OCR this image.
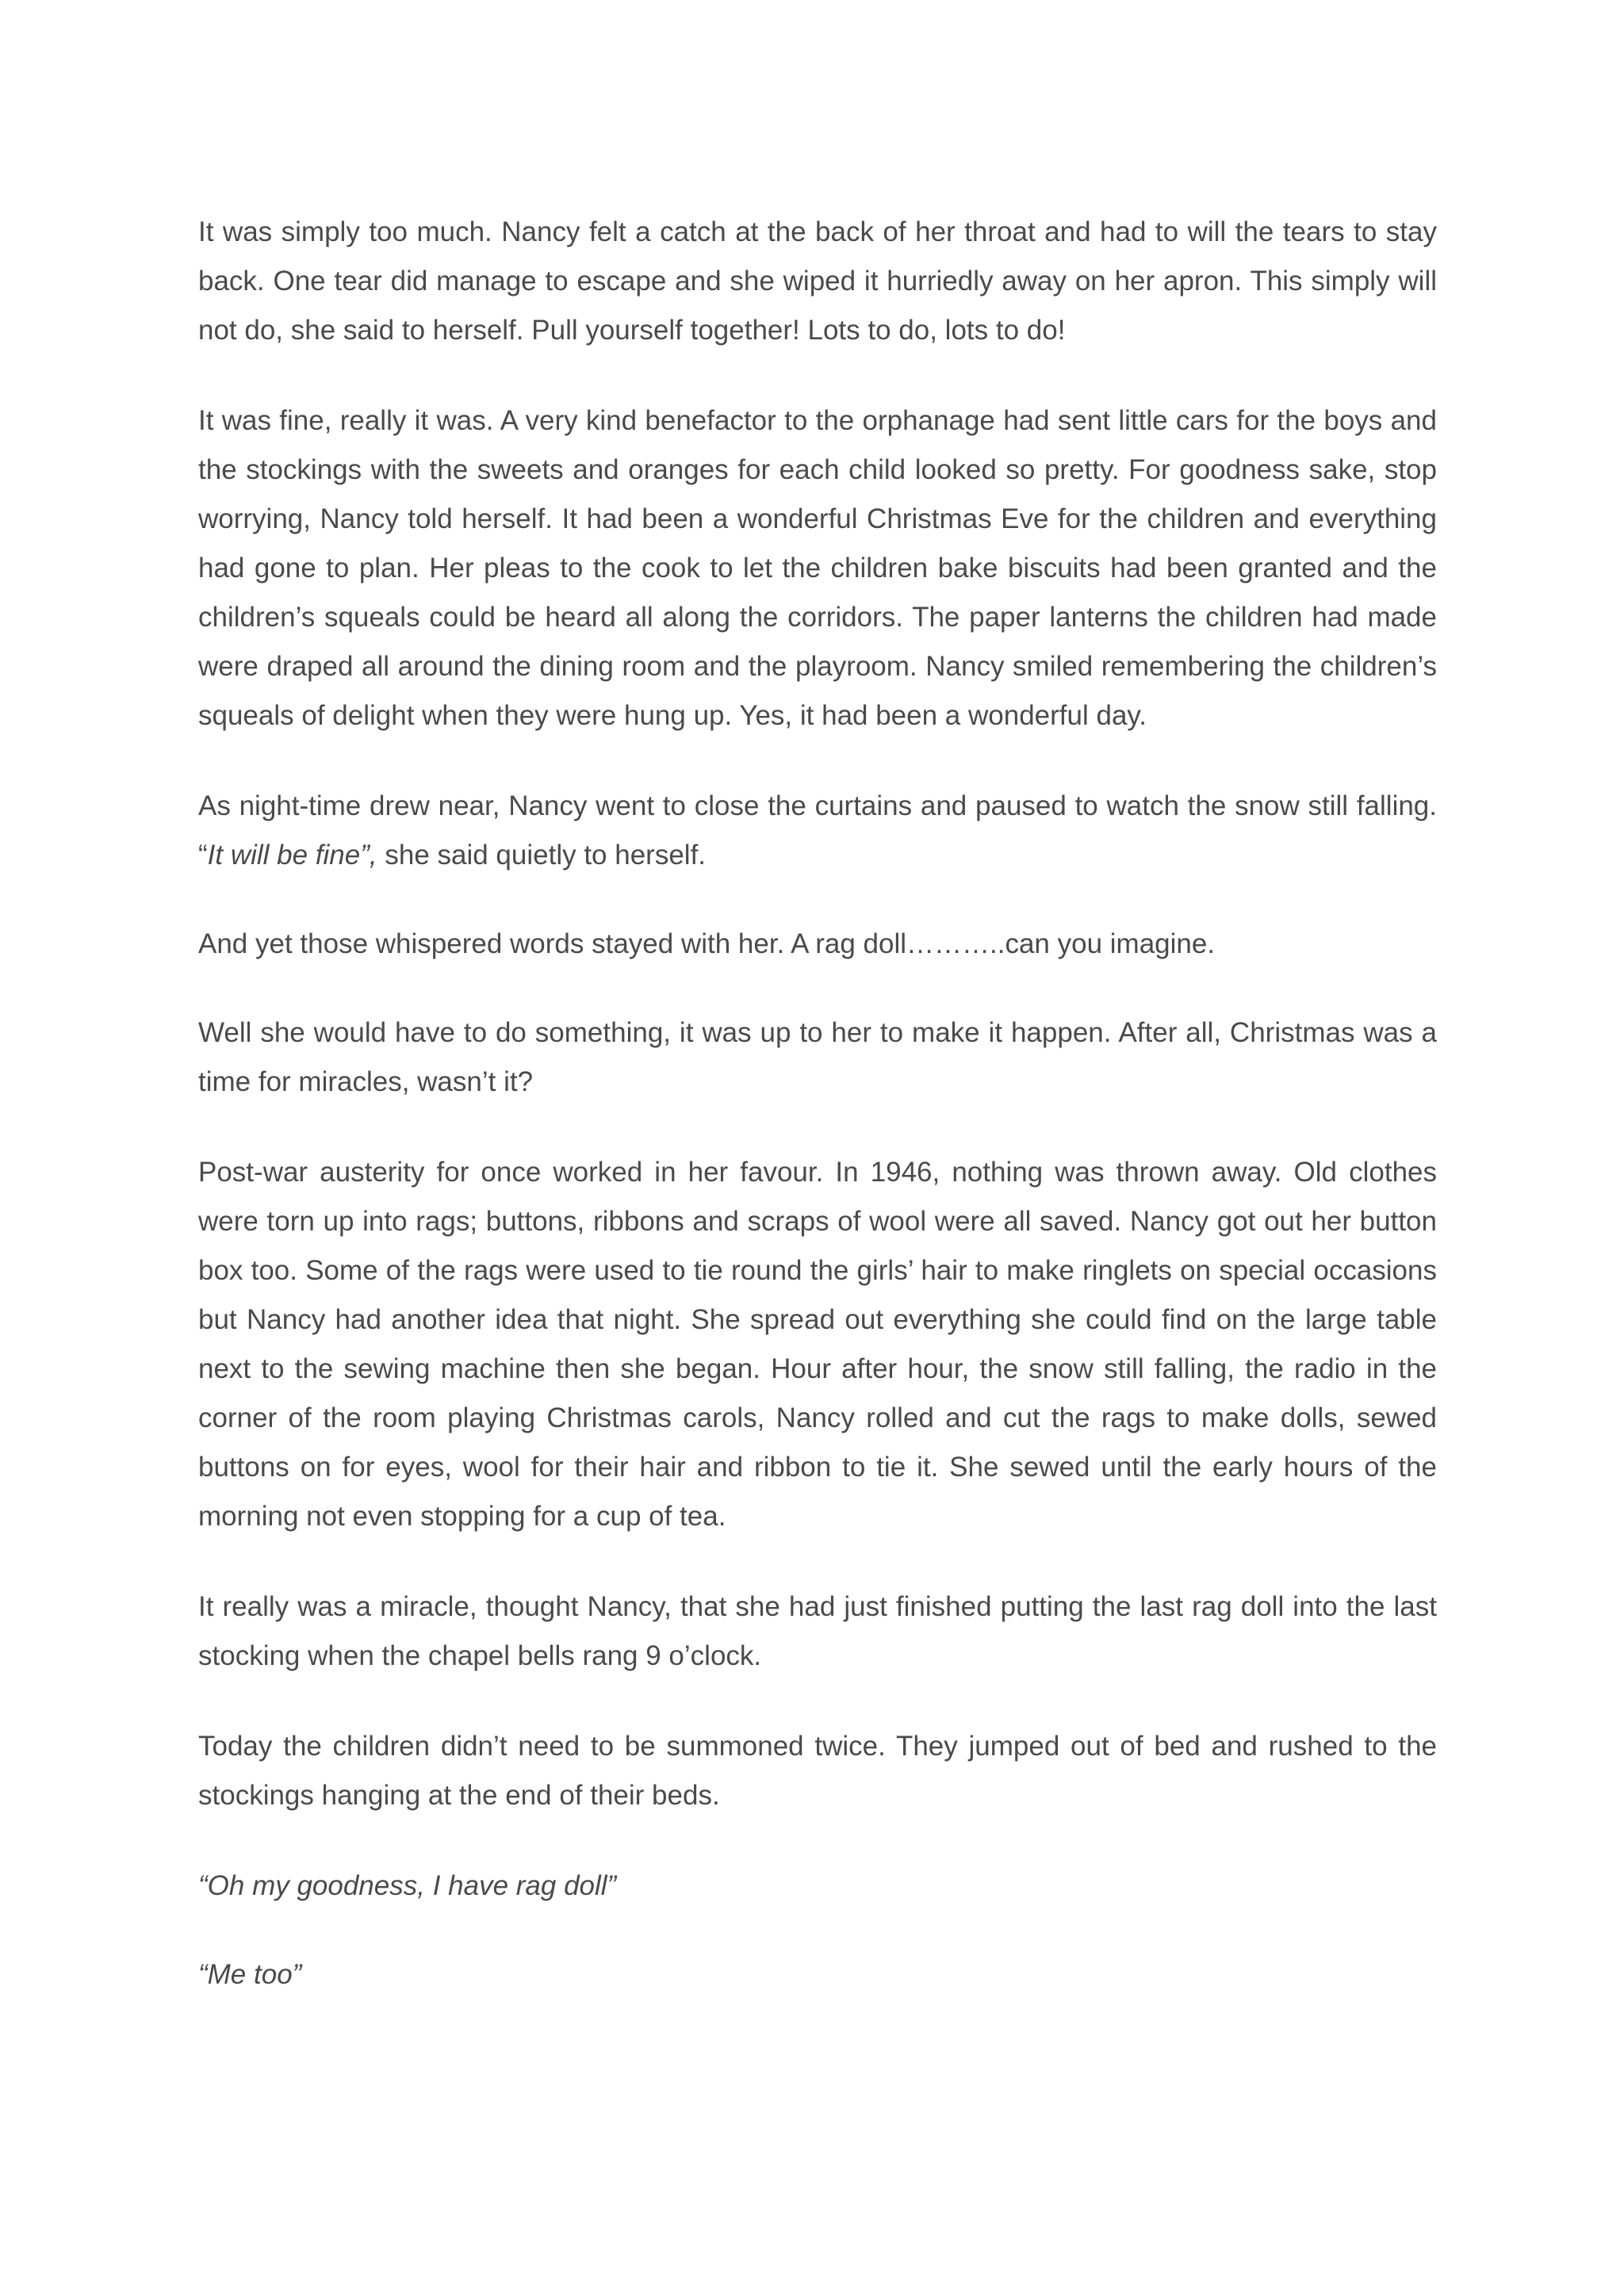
It was simply too much. Nancy felt a catch at the back of her throat and had to will the tears to stay back. One tear did manage to escape and she wiped it hurriedly away on her apron. This simply will not do, she said to herself. Pull yourself together! Lots to do, lots to do!

It was fine, really it was. A very kind benefactor to the orphanage had sent little cars for the boys and the stockings with the sweets and oranges for each child looked so pretty. For goodness sake, stop worrying, Nancy told herself. It had been a wonderful Christmas Eve for the children and everything had gone to plan. Her pleas to the cook to let the children bake biscuits had been granted and the children’s squeals could be heard all along the corridors. The paper lanterns the children had made were draped all around the dining room and the playroom. Nancy smiled remembering the children’s squeals of delight when they were hung up. Yes, it had been a wonderful day.

As night-time drew near, Nancy went to close the curtains and paused to watch the snow still falling. “It will be fine”, she said quietly to herself.

And yet those whispered words stayed with her. A rag doll………..can you imagine.

Well she would have to do something, it was up to her to make it happen. After all, Christmas was a time for miracles, wasn’t it?

Post-war austerity for once worked in her favour. In 1946, nothing was thrown away. Old clothes were torn up into rags; buttons, ribbons and scraps of wool were all saved. Nancy got out her button box too. Some of the rags were used to tie round the girls’ hair to make ringlets on special occasions but Nancy had another idea that night. She spread out everything she could find on the large table next to the sewing machine then she began. Hour after hour, the snow still falling, the radio in the corner of the room playing Christmas carols, Nancy rolled and cut the rags to make dolls, sewed buttons on for eyes, wool for their hair and ribbon to tie it. She sewed until the early hours of the morning not even stopping for a cup of tea.

It really was a miracle, thought Nancy, that she had just finished putting the last rag doll into the last stocking when the chapel bells rang 9 o’clock.

Today the children didn’t need to be summoned twice. They jumped out of bed and rushed to the stockings hanging at the end of their beds.

“Oh my goodness, I have rag doll”

“Me too”
